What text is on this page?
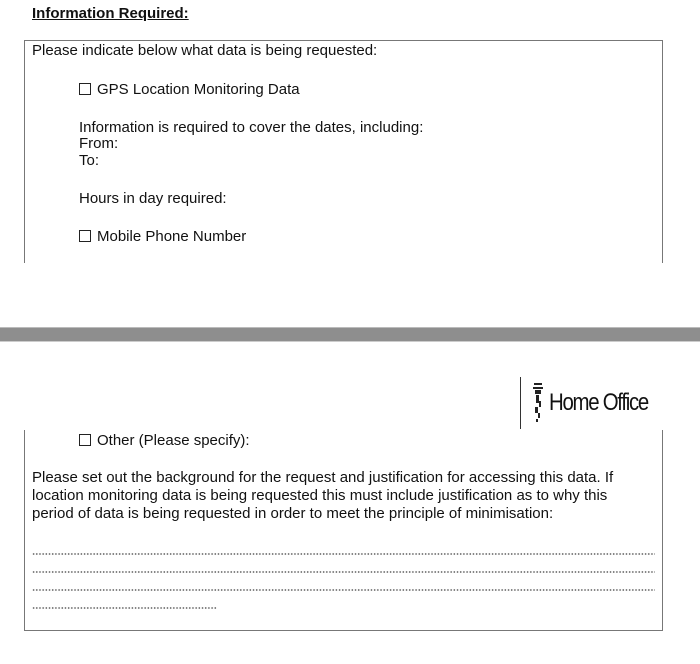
Information Required:
Please indicate below what data is being requested:
GPS Location Monitoring Data
Information is required to cover the dates, including:
From:
To:
Hours in day required:
Mobile Phone Number
Home Office
Other (Please specify):
Please set out the background for the request and justification for accessing this data. If
location monitoring data is being requested this must include justification as to why this
period of data is being requested in order to meet the principle of minimisation:
